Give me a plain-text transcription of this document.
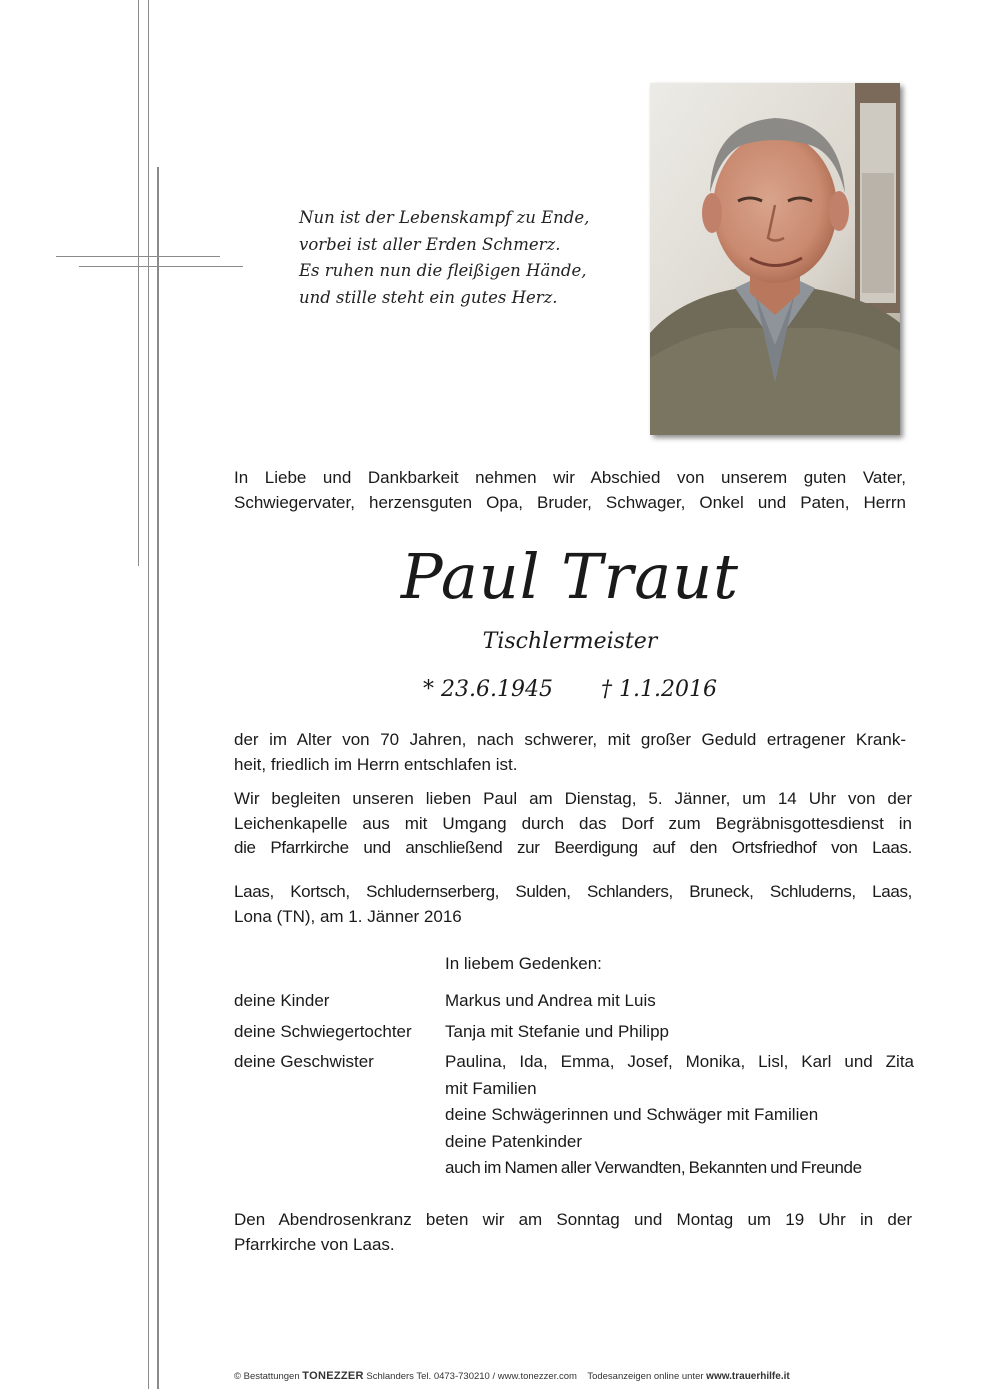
Nun ist der Lebenskampf zu Ende,
vorbei ist aller Erden Schmerz.
Es ruhen nun die fleißigen Hände,
und stille steht ein gutes Herz.
In Liebe und Dankbarkeit nehmen wir Abschied von unserem guten Vater,
Schwiegervater, herzensguten Opa, Bruder, Schwager, Onkel und Paten, Herrn
Paul Traut
Tischlermeister
* 23.6.1945 † 1.1.2016
der im Alter von 70 Jahren, nach schwerer, mit großer Geduld ertragener Krank-
heit, friedlich im Herrn entschlafen ist.
Wir begleiten unseren lieben Paul am Dienstag, 5. Jänner, um 14 Uhr von der
Leichenkapelle aus mit Umgang durch das Dorf zum Begräbnisgottesdienst in
die Pfarrkirche und anschließend zur Beerdigung auf den Ortsfriedhof von Laas.
Laas, Kortsch, Schludernserberg, Sulden, Schlanders, Bruneck, Schluderns, Laas,
Lona (TN), am 1. Jänner 2016
In liebem Gedenken:
deine Kinder	Markus und Andrea mit Luis
deine Schwiegertochter	Tanja mit Stefanie und Philipp
deine Geschwister	Paulina, Ida, Emma, Josef, Monika, Lisl, Karl und Zita
mit Familien
deine Schwägerinnen und Schwäger mit Familien
deine Patenkinder
auch im Namen aller Verwandten, Bekannten und Freunde
Den Abendrosenkranz beten wir am Sonntag und Montag um 19 Uhr in der
Pfarrkirche von Laas.
© Bestattungen TONEZZER Schlanders Tel. 0473-730210 / www.tonezzer.com Todesanzeigen online unter www.trauerhilfe.it
